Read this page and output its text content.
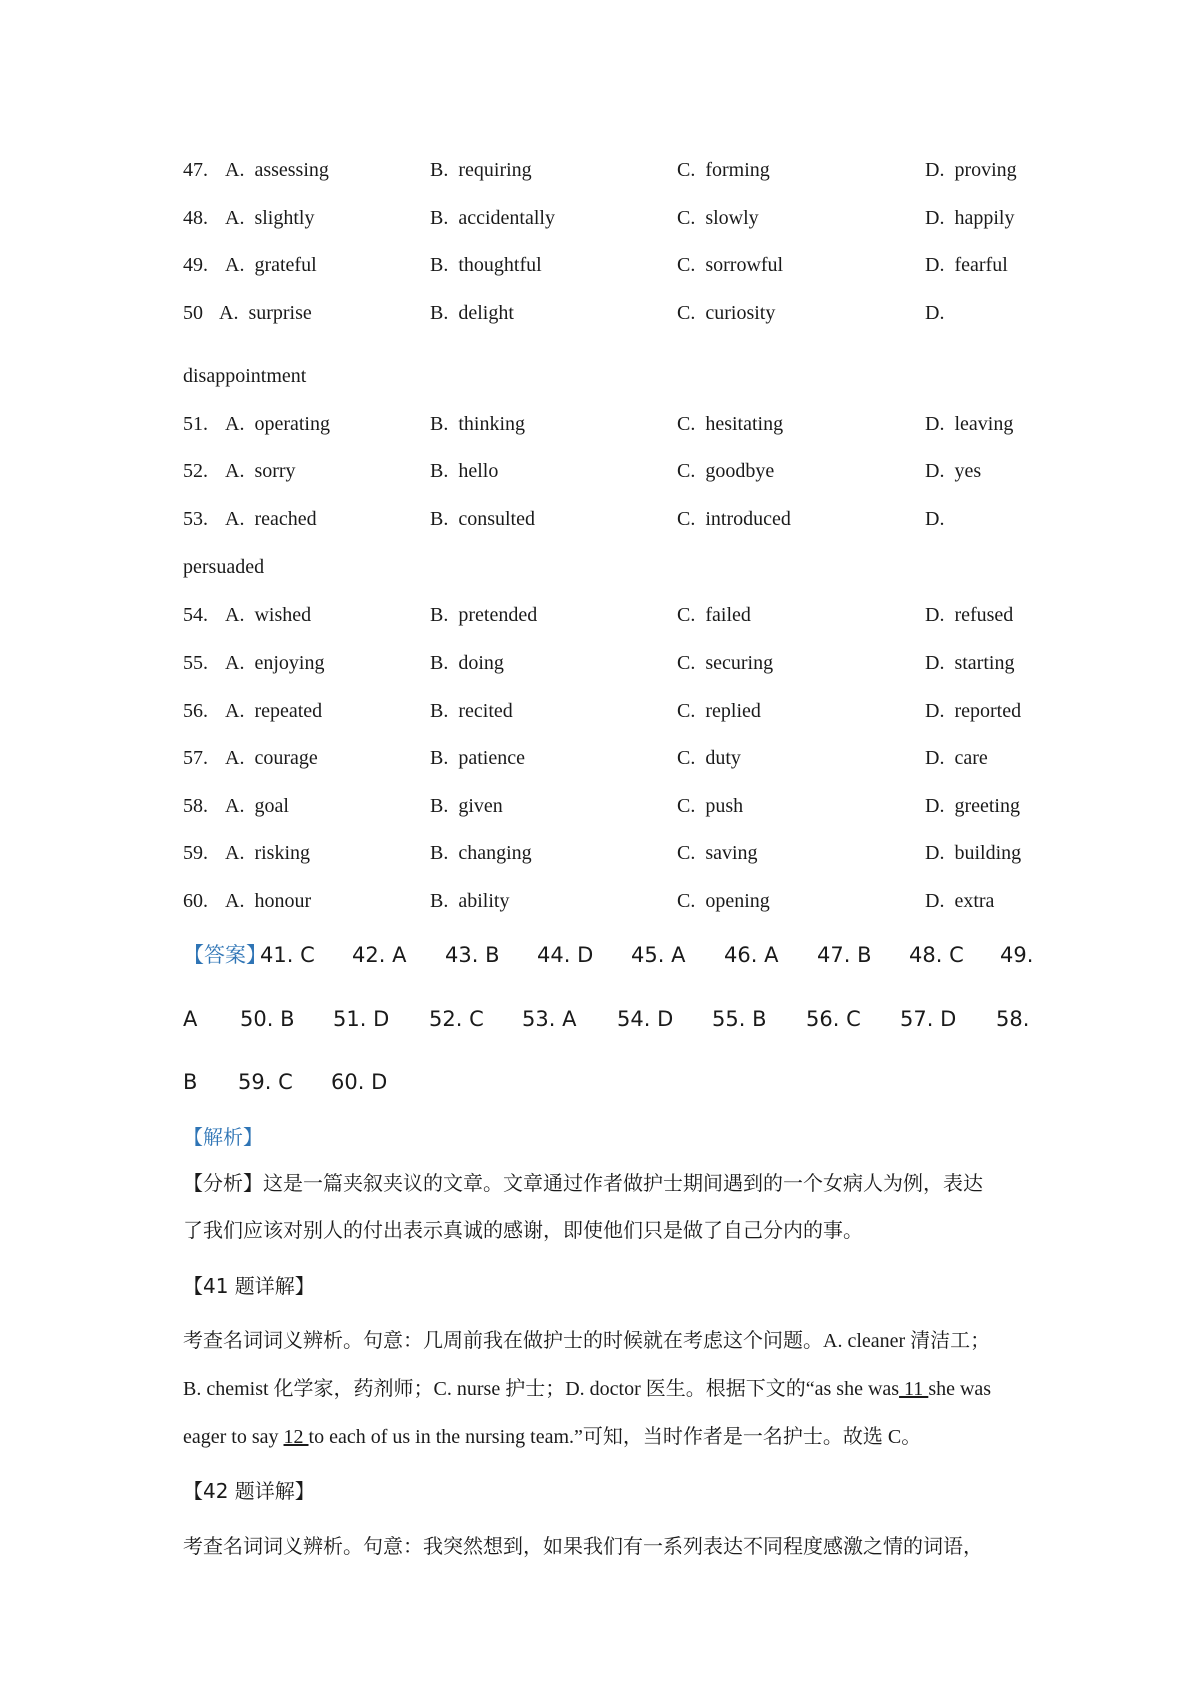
47. A. assessing	B. requiring	C. forming	D. proving
48. A. slightly	B. accidentally	C. slowly	D. happily
49. A. grateful	B. thoughtful	C. sorrowful	D. fearful
50 A. surprise	B. delight	C. curiosity	D.
disappointment
51. A. operating	B. thinking	C. hesitating	D. leaving
52. A. sorry	B. hello	C. goodbye	D. yes
53. A. reached	B. consulted	C. introduced	D.
persuaded
54. A. wished	B. pretended	C. failed	D. refused
55. A. enjoying	B. doing	C. securing	D. starting
56. A. repeated	B. recited	C. replied	D. reported
57. A. courage	B. patience	C. duty	D. care
58. A. goal	B. given	C. push	D. greeting
59. A. risking	B. changing	C. saving	D. building
60. A. honour	B. ability	C. opening	D. extra
【答案】
41. C 42. A 43. B 44. D 45. A 46. A 47. B 48. C 49.
A 50. B 51. D 52. C 53. A 54. D 55. B 56. C 57. D 58.
B 59. C 60. D
【解析】
【分析】这是一篇夹叙夹议的文章。文章通过作者做护士期间遇到的一个女病人为例，表达
了我们应该对别人的付出表示真诚的感谢，即使他们只是做了自己分内的事。
【41 题详解】
考查名词词义辨析。句意：几周前我在做护士的时候就在考虑这个问题。A. cleaner 清洁工；
B. chemist 化学家，药剂师；C. nurse 护士；D. doctor 医生。根据下文的“as she was 11 she was
eager to say 12 to each of us in the nursing team.”可知，当时作者是一名护士。故选 C。
【42 题详解】
考查名词词义辨析。句意：我突然想到，如果我们有一系列表达不同程度感激之情的词语，
